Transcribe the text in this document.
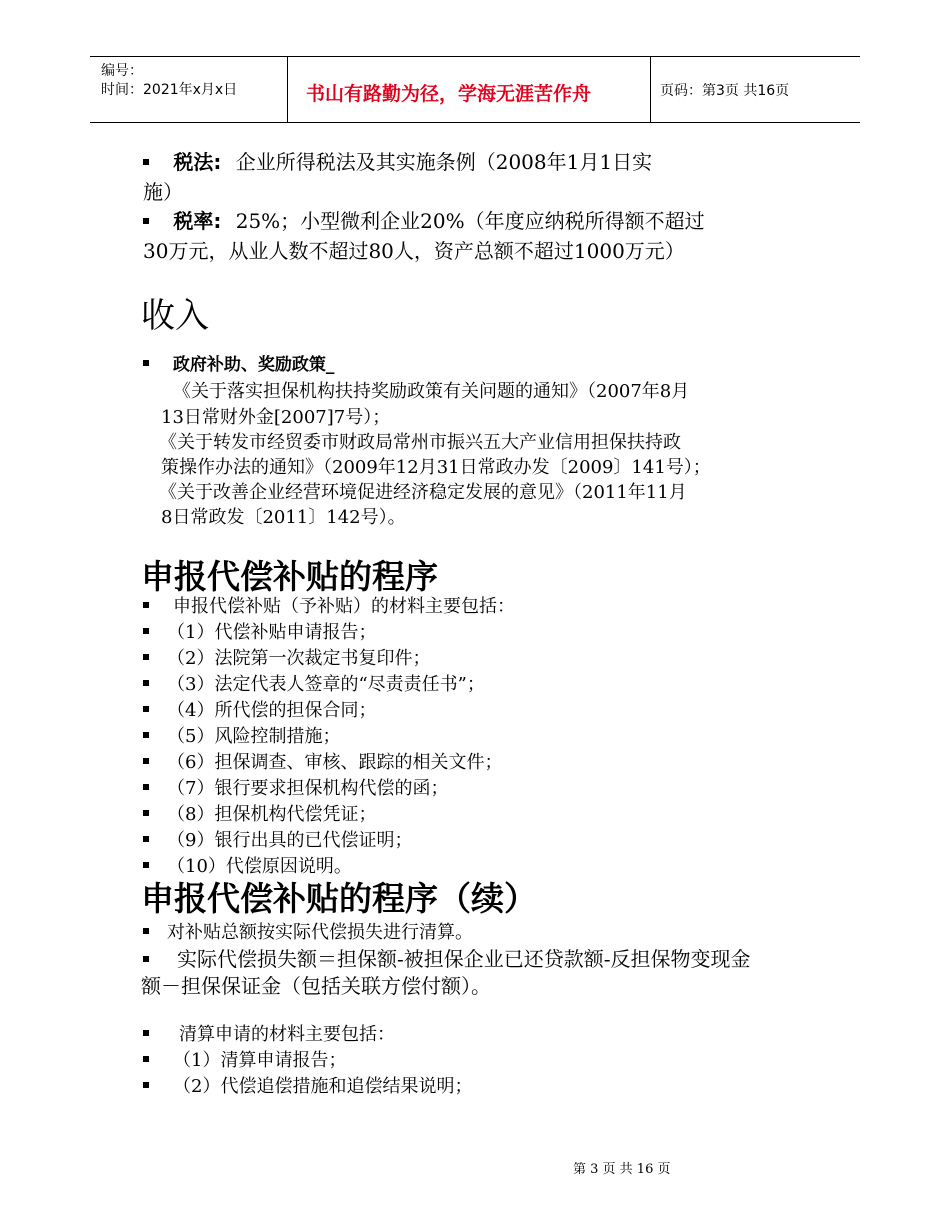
编号：
时间：2021年x月x日	书山有路勤为径，学海无涯苦作舟	页码：第3页 共16页
税法: 企业所得税法及其实施条例（2008年1月1日实
施）
税率: 25%；小型微利企业20%（年度应纳税所得额不超过
30万元，从业人数不超过80人，资产总额不超过1000万元）
收入
政府补助、奖励政策_
《关于落实担保机构扶持奖励政策有关问题的通知》（2007年8月
13日常财外金[2007]7号）；
《关于转发市经贸委市财政局常州市振兴五大产业信用担保扶持政
策操作办法的通知》（2009年12月31日常政办发〔2009〕141号）；
《关于改善企业经营环境促进经济稳定发展的意见》（2011年11月
8日常政发〔2011〕142号）。
申报代偿补贴的程序
申报代偿补贴（予补贴）的材料主要包括：
（1）代偿补贴申请报告；
（2）法院第一次裁定书复印件；
（3）法定代表人签章的“尽责责任书”；
（4）所代偿的担保合同；
（5）风险控制措施；
（6）担保调查、审核、跟踪的相关文件；
（7）银行要求担保机构代偿的函；
（8）担保机构代偿凭证；
（9）银行出具的已代偿证明；
（10）代偿原因说明。
申报代偿补贴的程序（续）
对补贴总额按实际代偿损失进行清算。
实际代偿损失额＝担保额-被担保企业已还贷款额-反担保物变现金
额－担保保证金（包括关联方偿付额）。
清算申请的材料主要包括：
（1）清算申请报告；
（2）代偿追偿措施和追偿结果说明；
第 3 页 共 16 页
